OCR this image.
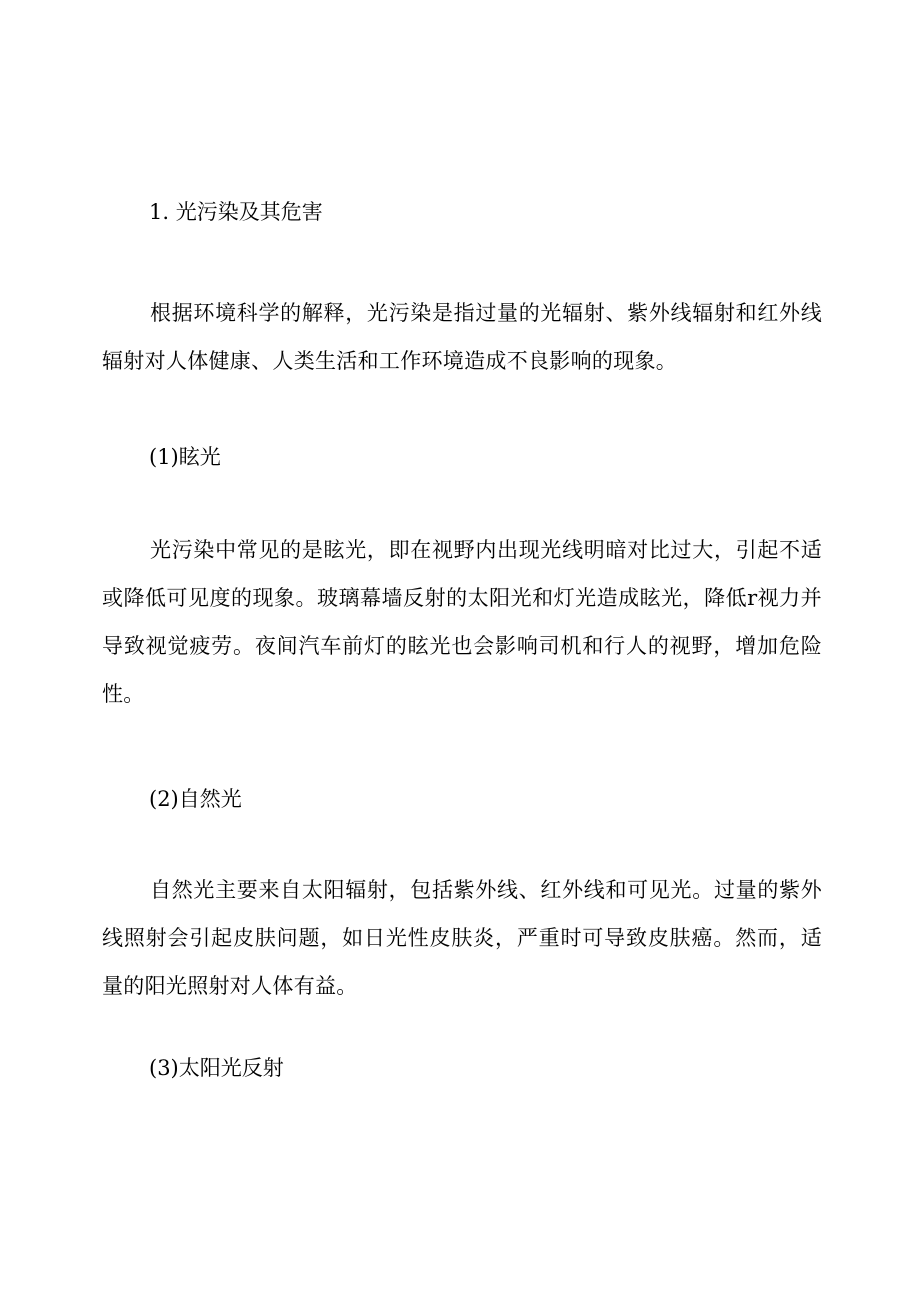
1. 光污染及其危害
根据环境科学的解释，光污染是指过量的光辐射、紫外线辐射和红外线辐射对人体健康、人类生活和工作环境造成不良影响的现象。
(1)眩光
光污染中常见的是眩光，即在视野内出现光线明暗对比过大，引起不适或降低可见度的现象。玻璃幕墙反射的太阳光和灯光造成眩光，降低r视力并导致视觉疲劳。夜间汽车前灯的眩光也会影响司机和行人的视野，增加危险性。
(2)自然光
自然光主要来自太阳辐射，包括紫外线、红外线和可见光。过量的紫外线照射会引起皮肤问题，如日光性皮肤炎，严重时可导致皮肤癌。然而，适量的阳光照射对人体有益。
(3)太阳光反射
